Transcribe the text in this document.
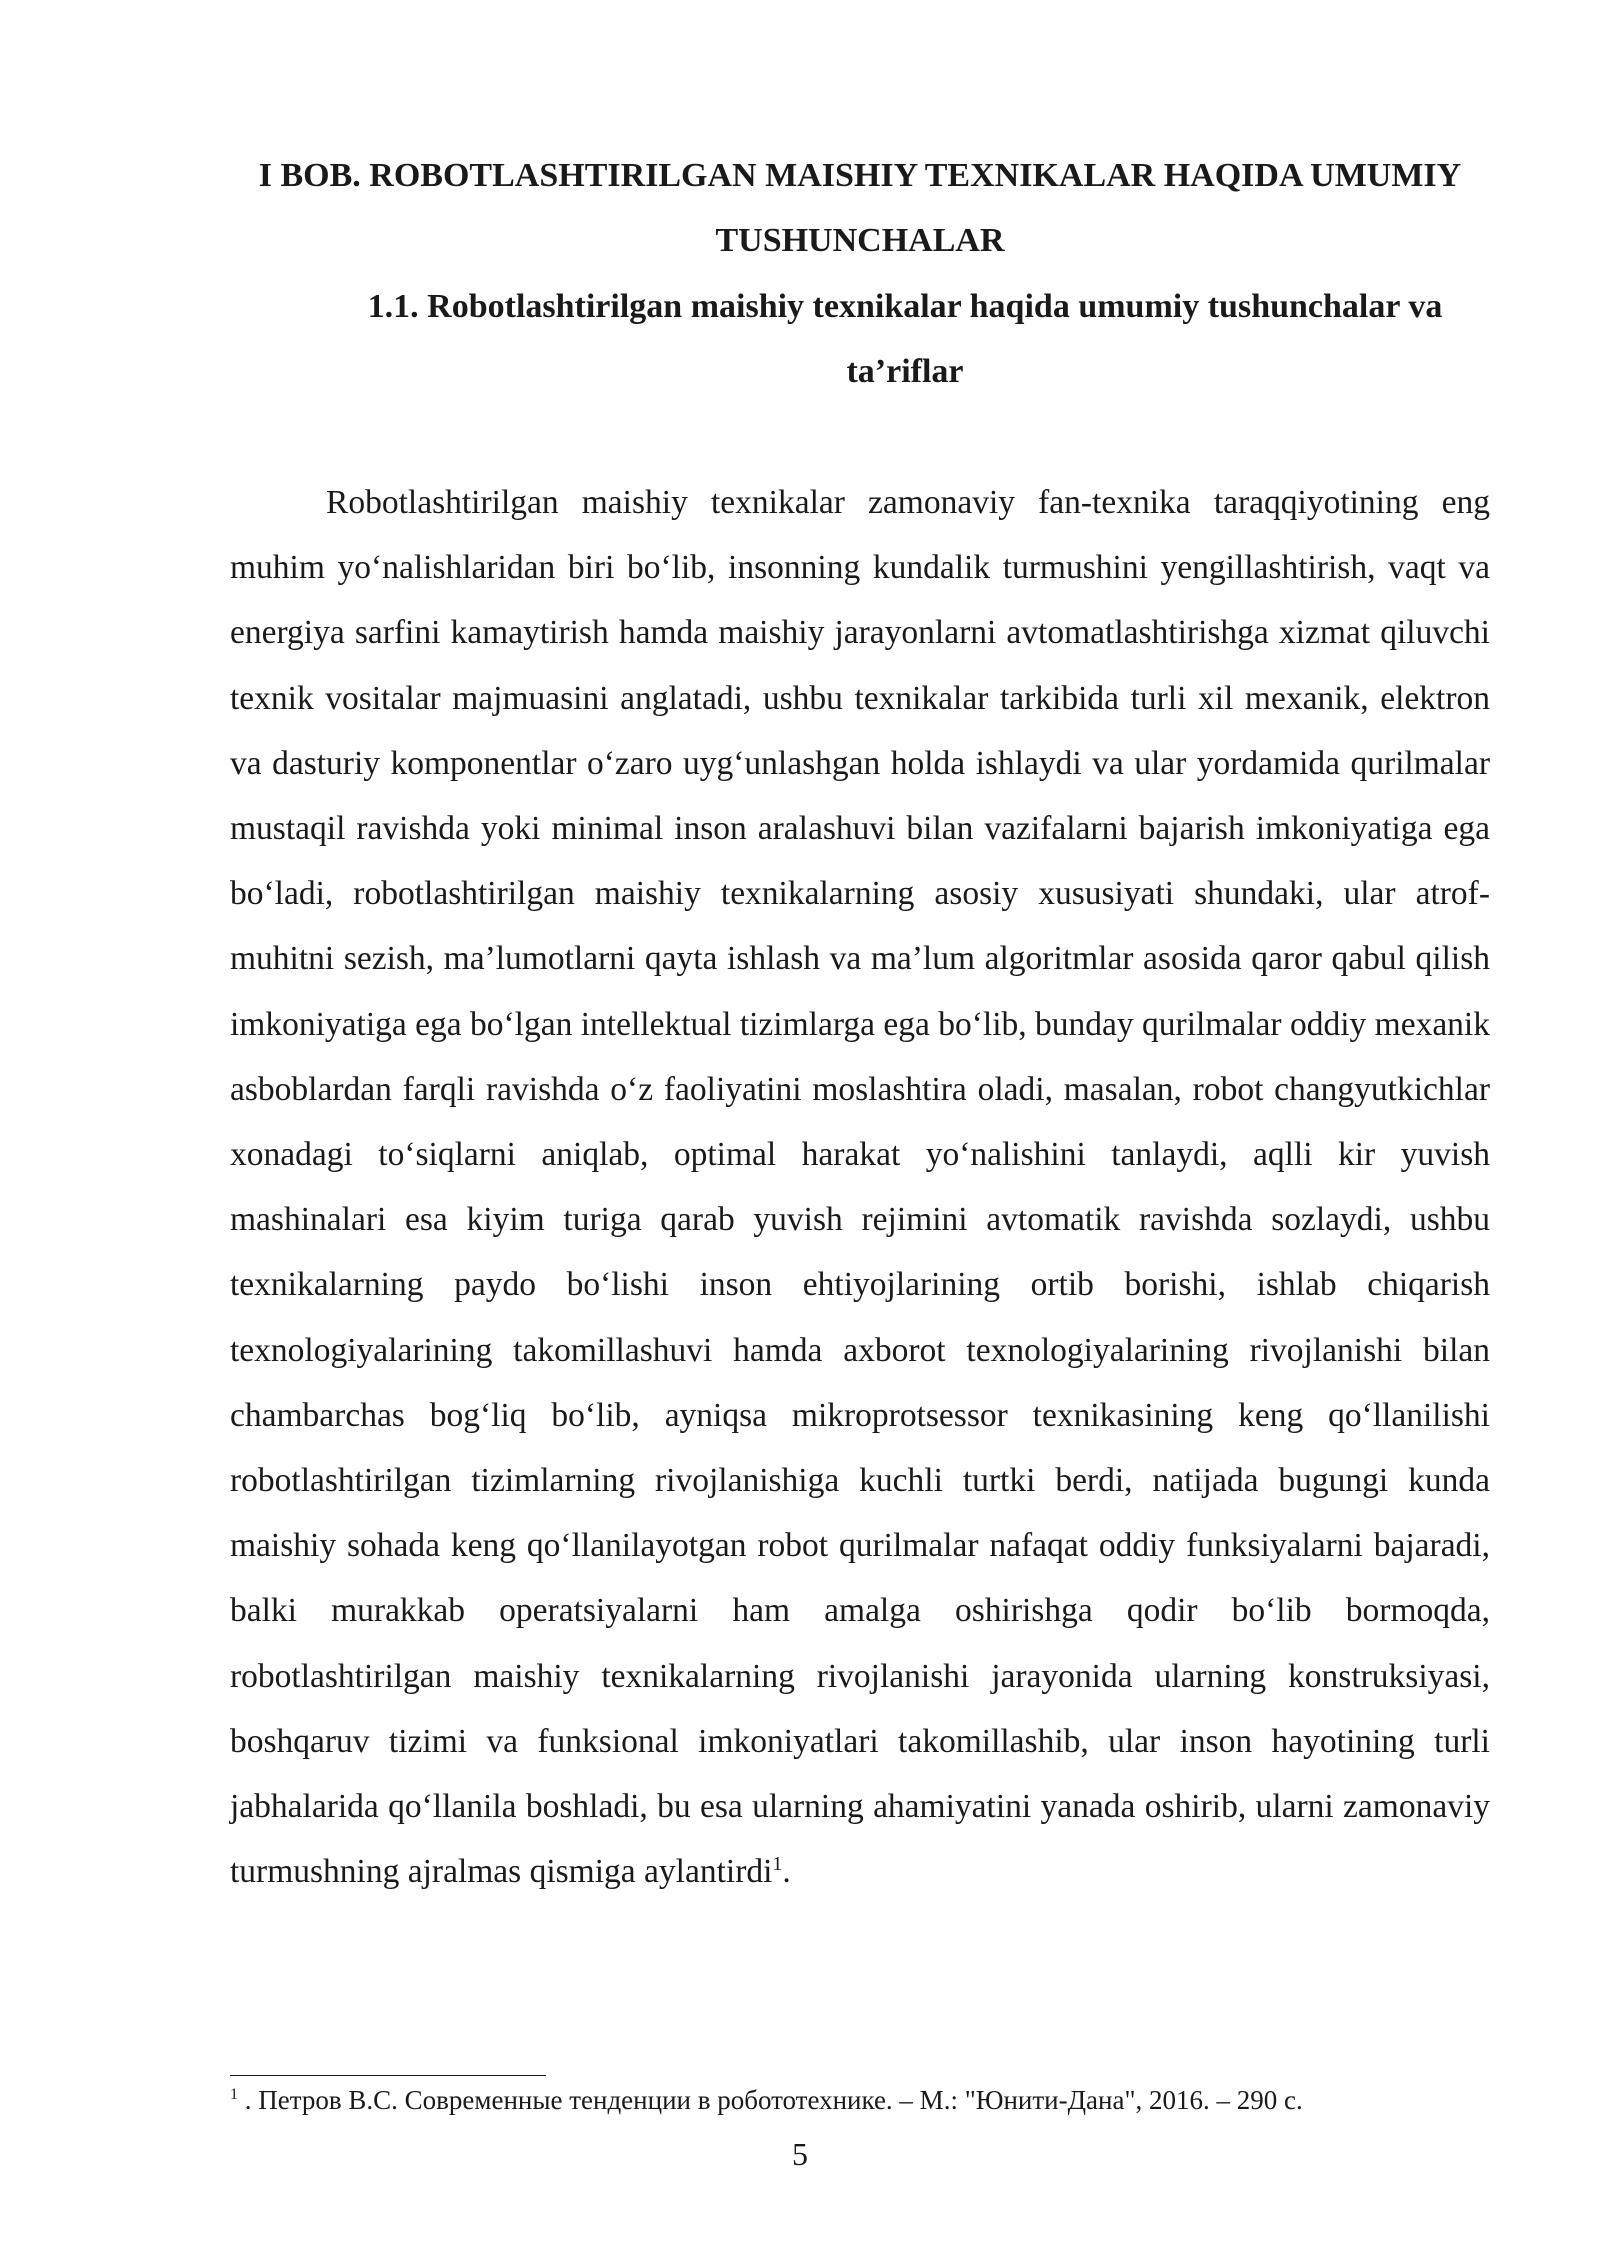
I BOB. ROBOTLASHTIRILGAN MAISHIY TEXNIKALAR HAQIDA UMUMIY TUSHUNCHALAR
1.1. Robotlashtirilgan maishiy texnikalar haqida umumiy tushunchalar va ta’riflar

Robotlashtirilgan maishiy texnikalar zamonaviy fan-texnika taraqqiyotining eng muhim yo‘nalishlaridan biri bo‘lib, insonning kundalik turmushini yengillashtirish, vaqt va energiya sarfini kamaytirish hamda maishiy jarayonlarni avtomatlashtirishga xizmat qiluvchi texnik vositalar majmuasini anglatadi, ushbu texnikalar tarkibida turli xil mexanik, elektron va dasturiy komponentlar o‘zaro uyg‘unlashgan holda ishlaydi va ular yordamida qurilmalar mustaqil ravishda yoki minimal inson aralashuvi bilan vazifalarni bajarish imkoniyatiga ega bo‘ladi, robotlashtirilgan maishiy texnikalarning asosiy xususiyati shundaki, ular atrof-muhitni sezish, ma’lumotlarni qayta ishlash va ma’lum algoritmlar asosida qaror qabul qilish imkoniyatiga ega bo‘lgan intellektual tizimlarga ega bo‘lib, bunday qurilmalar oddiy mexanik asboblardan farqli ravishda o‘z faoliyatini moslashtira oladi, masalan, robot changyutkichlar xonadagi to‘siqlarni aniqlab, optimal harakat yo‘nalishini tanlaydi, aqlli kir yuvish mashinalari esa kiyim turiga qarab yuvish rejimini avtomatik ravishda sozlaydi, ushbu texnikalarning paydo bo‘lishi inson ehtiyojlarining ortib borishi, ishlab chiqarish texnologiyalarining takomillashuvi hamda axborot texnologiyalarining rivojlanishi bilan chambarchas bog‘liq bo‘lib, ayniqsa mikroprotsessor texnikasining keng qo‘llanilishi robotlashtirilgan tizimlarning rivojlanishiga kuchli turtki berdi, natijada bugungi kunda maishiy sohada keng qo‘llanilayotgan robot qurilmalar nafaqat oddiy funksiyalarni bajaradi, balki murakkab operatsiyalarni ham amalga oshirishga qodir bo‘lib bormoqda, robotlashtirilgan maishiy texnikalarning rivojlanishi jarayonida ularning konstruksiyasi, boshqaruv tizimi va funksional imkoniyatlari takomillashib, ular inson hayotining turli jabhalarida qo‘llanila boshladi, bu esa ularning ahamiyatini yanada oshirib, ularni zamonaviy turmushning ajralmas qismiga aylantirdi$^1$.

$^1$ . Петров В.С. Современные тенденции в робототехнике. – М.: "Юнити-Дана", 2016. – 290 с.

5
